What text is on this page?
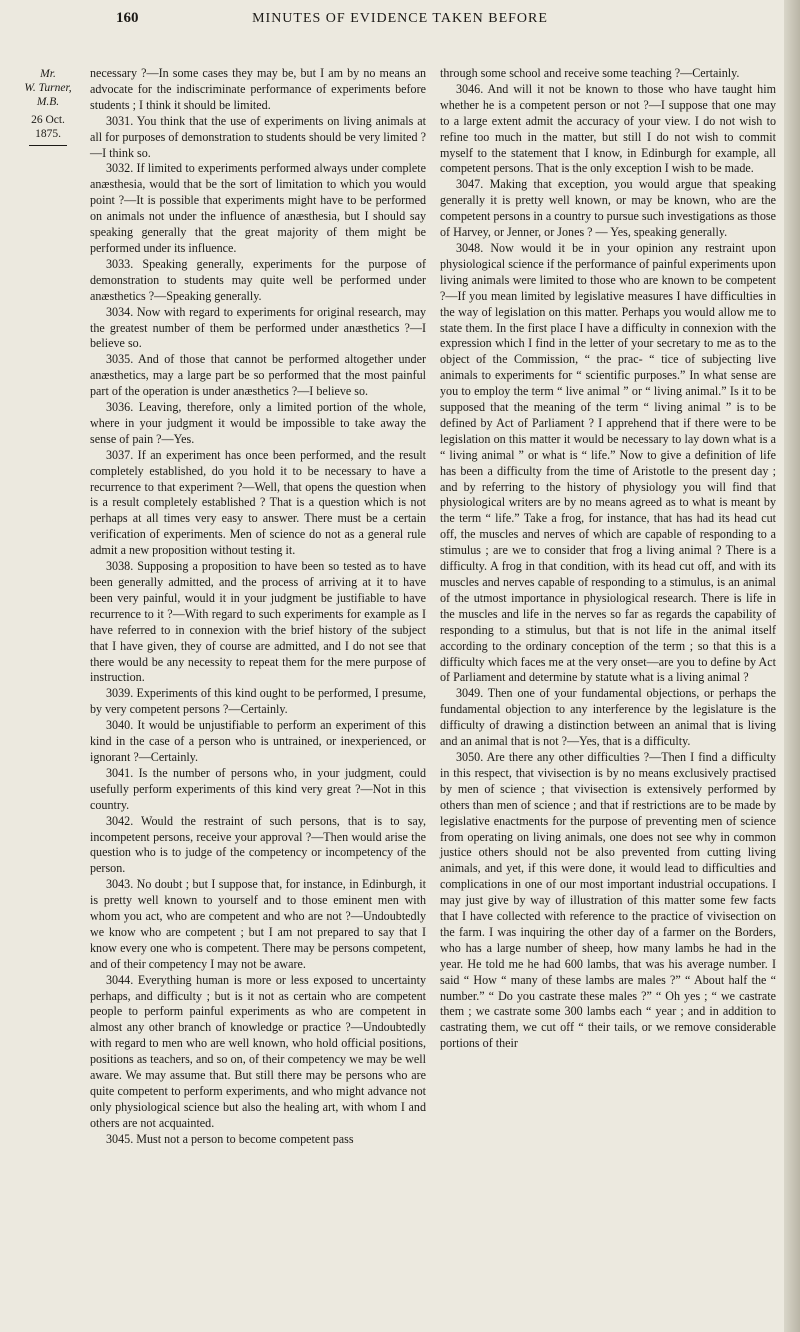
160	MINUTES OF EVIDENCE TAKEN BEFORE
Mr.
W. Turner,
M.B.
26 Oct. 1875.

necessary ?—In some cases they may be, but I am by no means an advocate for the indiscriminate performance of experiments before students ; I think it should be limited.

3031. You think that the use of experiments on living animals at all for purposes of demonstration to students should be very limited ?—I think so.

3032. If limited to experiments performed always under complete anæsthesia, would that be the sort of limitation to which you would point ?—It is possible that experiments might have to be performed on animals not under the influence of anæsthesia, but I should say speaking generally that the great majority of them might be performed under its influence.

3033. Speaking generally, experiments for the purpose of demonstration to students may quite well be performed under anæsthetics ?—Speaking generally.

3034. Now with regard to experiments for original research, may the greatest number of them be performed under anæsthetics ?—I believe so.

3035. And of those that cannot be performed altogether under anæsthetics, may a large part be so performed that the most painful part of the operation is under anæsthetics ?—I believe so.

3036. Leaving, therefore, only a limited portion of the whole, where in your judgment it would be impossible to take away the sense of pain ?—Yes.

3037. If an experiment has once been performed, and the result completely established, do you hold it to be necessary to have a recurrence to that experiment ?—Well, that opens the question when is a result completely established ? That is a question which is not perhaps at all times very easy to answer. There must be a certain verification of experiments. Men of science do not as a general rule admit a new proposition without testing it.

3038. Supposing a proposition to have been so tested as to have been generally admitted, and the process of arriving at it to have been very painful, would it in your judgment be justifiable to have recurrence to it ?—With regard to such experiments for example as I have referred to in connexion with the brief history of the subject that I have given, they of course are admitted, and I do not see that there would be any necessity to repeat them for the mere purpose of instruction.

3039. Experiments of this kind ought to be performed, I presume, by very competent persons ?—Certainly.

3040. It would be unjustifiable to perform an experiment of this kind in the case of a person who is untrained, or inexperienced, or ignorant ?—Certainly.

3041. Is the number of persons who, in your judgment, could usefully perform experiments of this kind very great ?—Not in this country.

3042. Would the restraint of such persons, that is to say, incompetent persons, receive your approval ?—Then would arise the question who is to judge of the competency or incompetency of the person.

3043. No doubt ; but I suppose that, for instance, in Edinburgh, it is pretty well known to yourself and to those eminent men with whom you act, who are competent and who are not ?—Undoubtedly we know who are competent ; but I am not prepared to say that I know every one who is competent. There may be persons competent, and of their competency I may not be aware.

3044. Everything human is more or less exposed to uncertainty perhaps, and difficulty ; but is it not as certain who are competent people to perform painful experiments as who are competent in almost any other branch of knowledge or practice ?—Undoubtedly with regard to men who are well known, who hold official positions, positions as teachers, and so on, of their competency we may be well aware. We may assume that. But still there may be persons who are quite competent to perform experiments, and who might advance not only physiological science but also the healing art, with whom I and others are not acquainted.

3045. Must not a person to become competent pass

through some school and receive some teaching ?—Certainly.

3046. And will it not be known to those who have taught him whether he is a competent person or not ?—I suppose that one may to a large extent admit the accuracy of your view. I do not wish to refine too much in the matter, but still I do not wish to commit myself to the statement that I know, in Edinburgh for example, all competent persons. That is the only exception I wish to be made.

3047. Making that exception, you would argue that speaking generally it is pretty well known, or may be known, who are the competent persons in a country to pursue such investigations as those of Harvey, or Jenner, or Jones ? — Yes, speaking generally.

3048. Now would it be in your opinion any restraint upon physiological science if the performance of painful experiments upon living animals were limited to those who are known to be competent ?—If you mean limited by legislative measures I have difficulties in the way of legislation on this matter. Perhaps you would allow me to state them. In the first place I have a difficulty in connexion with the expression which I find in the letter of your secretary to me as to the object of the Commission, “ the prac- “ tice of subjecting live animals to experiments for “ scientific purposes.” In what sense are you to employ the term “ live animal ” or “ living animal.” Is it to be supposed that the meaning of the term “ living animal ” is to be defined by Act of Parliament ? I apprehend that if there were to be legislation on this matter it would be necessary to lay down what is a “ living animal ” or what is “ life.” Now to give a definition of life has been a difficulty from the time of Aristotle to the present day ; and by referring to the history of physiology you will find that physiological writers are by no means agreed as to what is meant by the term “ life.” Take a frog, for instance, that has had its head cut off, the muscles and nerves of which are capable of responding to a stimulus ; are we to consider that frog a living animal ? There is a difficulty. A frog in that condition, with its head cut off, and with its muscles and nerves capable of responding to a stimulus, is an animal of the utmost importance in physiological research. There is life in the muscles and life in the nerves so far as regards the capability of responding to a stimulus, but that is not life in the animal itself according to the ordinary conception of the term ; so that this is a difficulty which faces me at the very onset—are you to define by Act of Parliament and determine by statute what is a living animal ?

3049. Then one of your fundamental objections, or perhaps the fundamental objection to any interference by the legislature is the difficulty of drawing a distinction between an animal that is living and an animal that is not ?—Yes, that is a difficulty.

3050. Are there any other difficulties ?—Then I find a difficulty in this respect, that vivisection is by no means exclusively practised by men of science ; that vivisection is extensively performed by others than men of science ; and that if restrictions are to be made by legislative enactments for the purpose of preventing men of science from operating on living animals, one does not see why in common justice others should not be also prevented from cutting living animals, and yet, if this were done, it would lead to difficulties and complications in one of our most important industrial occupations. I may just give by way of illustration of this matter some few facts that I have collected with reference to the practice of vivisection on the farm. I was inquiring the other day of a farmer on the Borders, who has a large number of sheep, how many lambs he had in the year. He told me he had 600 lambs, that was his average number. I said “ How “ many of these lambs are males ?” “ About half the “ number.” “ Do you castrate these males ?” “ Oh yes ; “ we castrate them ; we castrate some 300 lambs each “ year ; and in addition to castrating them, we cut off “ their tails, or we remove considerable portions of their
